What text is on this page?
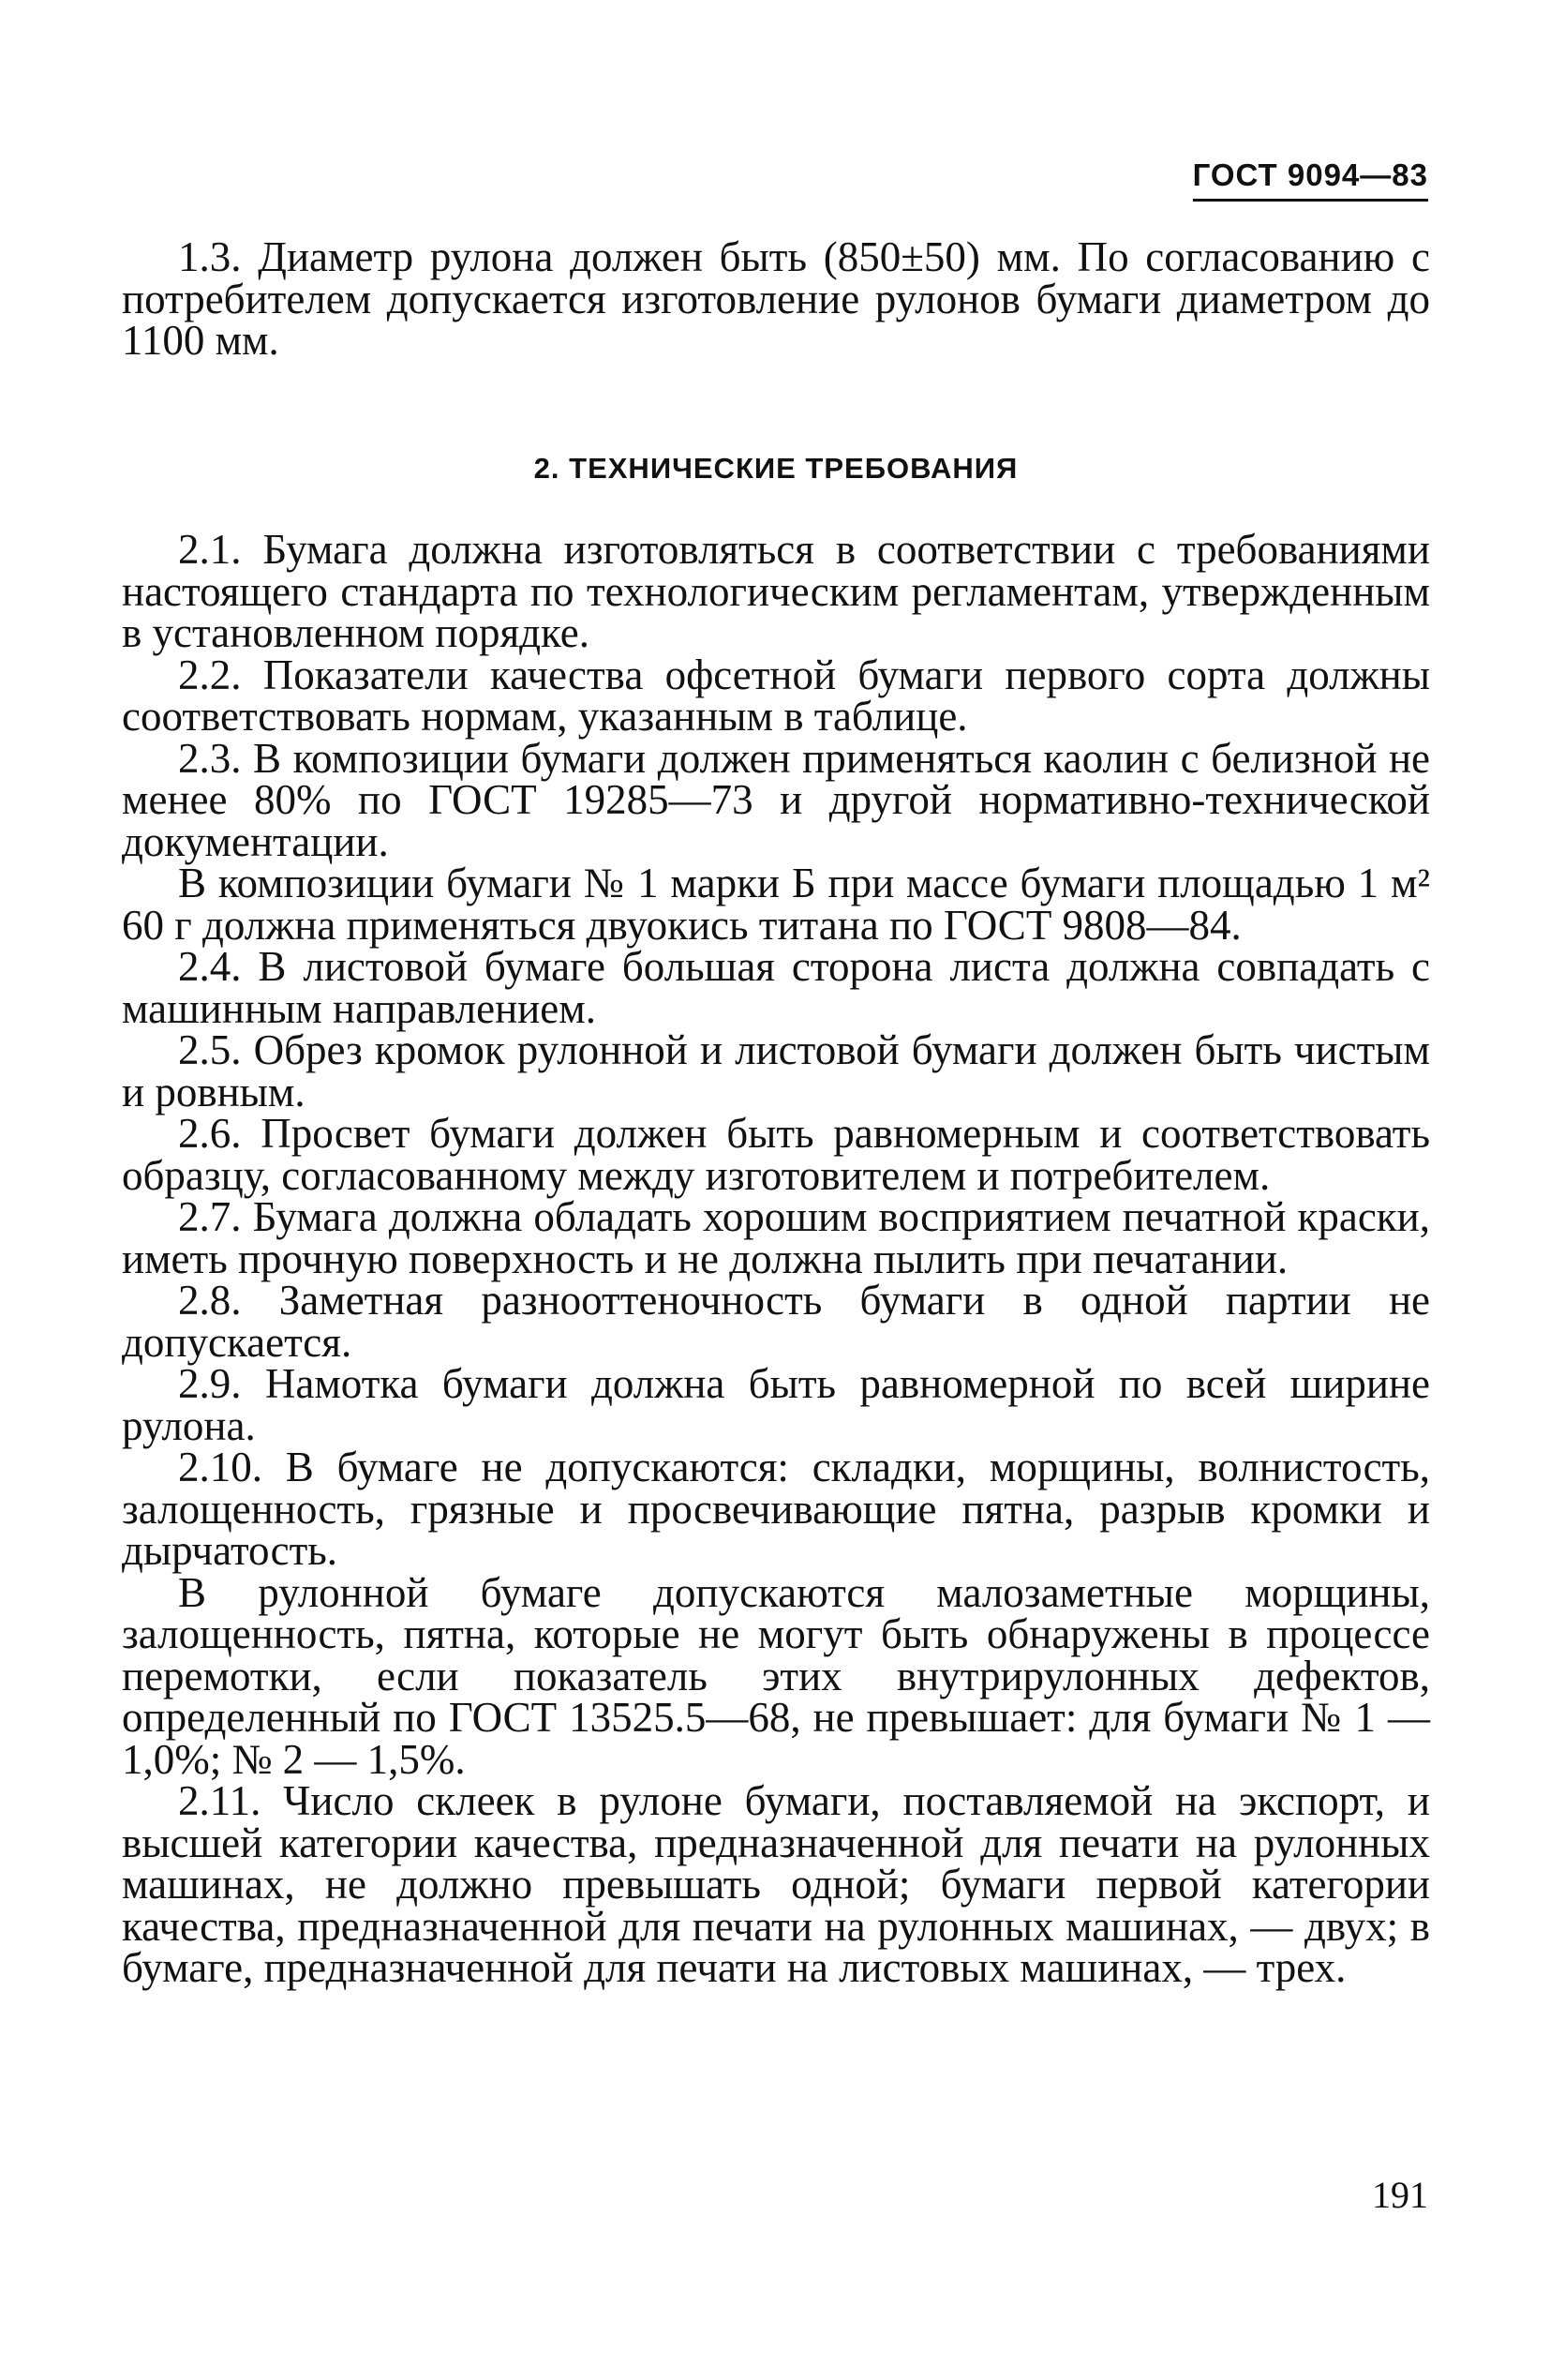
ГОСТ 9094—83

1.3. Диаметр рулона должен быть (850±50) мм. По согласованию с потребителем допускается изготовление рулонов бумаги диаметром до 1100 мм.

2. ТЕХНИЧЕСКИЕ ТРЕБОВАНИЯ

2.1. Бумага должна изготовляться в соответствии с требованиями настоящего стандарта по технологическим регламентам, утвержденным в установленном порядке.

2.2. Показатели качества офсетной бумаги первого сорта должны соответствовать нормам, указанным в таблице.

2.3. В композиции бумаги должен применяться каолин с белизной не менее 80% по ГОСТ 19285—73 и другой нормативно-технической документации.

В композиции бумаги № 1 марки Б при массе бумаги площадью 1 м² 60 г должна применяться двуокись титана по ГОСТ 9808—84.

2.4. В листовой бумаге большая сторона листа должна совпадать с машинным направлением.

2.5. Обрез кромок рулонной и листовой бумаги должен быть чистым и ровным.

2.6. Просвет бумаги должен быть равномерным и соответствовать образцу, согласованному между изготовителем и потребителем.

2.7. Бумага должна обладать хорошим восприятием печатной краски, иметь прочную поверхность и не должна пылить при печатании.

2.8. Заметная разнооттеночность бумаги в одной партии не допускается.

2.9. Намотка бумаги должна быть равномерной по всей ширине рулона.

2.10. В бумаге не допускаются: складки, морщины, волнистость, залощенность, грязные и просвечивающие пятна, разрыв кромки и дырчатость.

В рулонной бумаге допускаются малозаметные морщины, залощенность, пятна, которые не могут быть обнаружены в процессе перемотки, если показатель этих внутрирулонных дефектов, определенный по ГОСТ 13525.5—68, не превышает: для бумаги № 1 — 1,0%; № 2 — 1,5%.

2.11. Число склеек в рулоне бумаги, поставляемой на экспорт, и высшей категории качества, предназначенной для печати на рулонных машинах, не должно превышать одной; бумаги первой категории качества, предназначенной для печати на рулонных машинах, — двух; в бумаге, предназначенной для печати на листовых машинах, — трех.

191
